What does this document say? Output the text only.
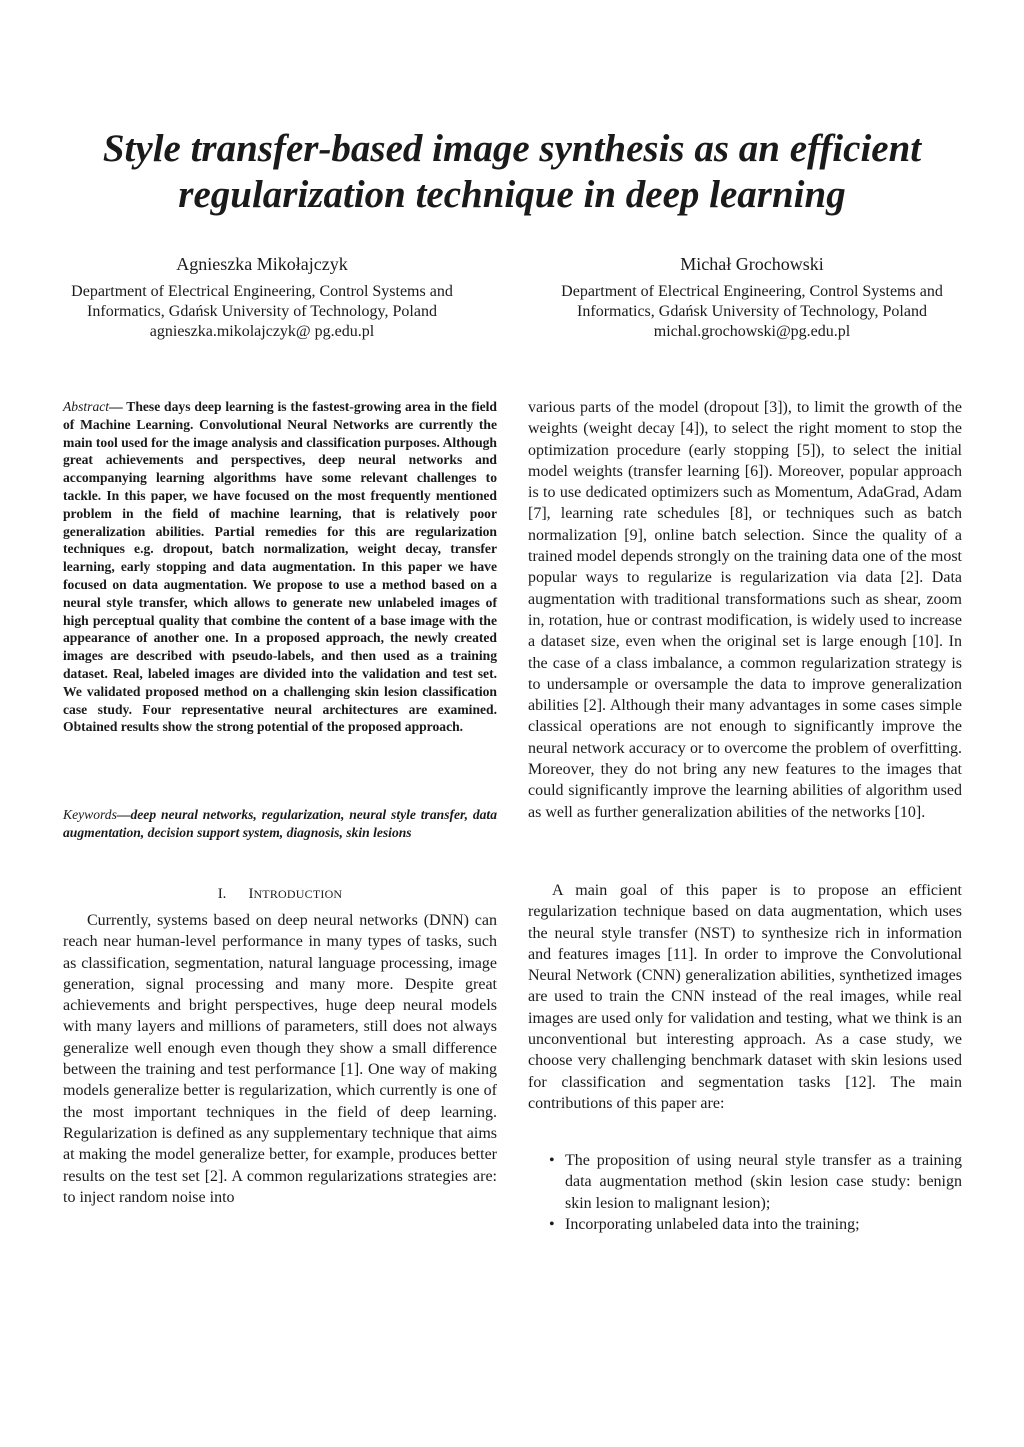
Style transfer-based image synthesis as an efficient
regularization technique in deep learning
Agnieszka Mikołajczyk
Department of Electrical Engineering, Control Systems and
Informatics, Gdańsk University of Technology, Poland
agnieszka.mikolajczyk@ pg.edu.pl
Michał Grochowski
Department of Electrical Engineering, Control Systems and
Informatics, Gdańsk University of Technology, Poland
michal.grochowski@pg.edu.pl

Abstract— These days deep learning is the fastest-growing area in the field of Machine Learning. Convolutional Neural Networks are currently the main tool used for the image analysis and classification purposes. Although great achievements and perspectives, deep neural networks and accompanying learning algorithms have some relevant challenges to tackle. In this paper, we have focused on the most frequently mentioned problem in the field of machine learning, that is relatively poor generalization abilities. Partial remedies for this are regularization techniques e.g. dropout, batch normalization, weight decay, transfer learning, early stopping and data augmentation. In this paper we have focused on data augmentation. We propose to use a method based on a neural style transfer, which allows to generate new unlabeled images of high perceptual quality that combine the content of a base image with the appearance of another one. In a proposed approach, the newly created images are described with pseudo-labels, and then used as a training dataset. Real, labeled images are divided into the validation and test set. We validated proposed method on a challenging skin lesion classification case study. Four representative neural architectures are examined. Obtained results show the strong potential of the proposed approach.

Keywords—deep neural networks, regularization, neural style transfer, data augmentation, decision support system, diagnosis, skin lesions

I. INTRODUCTION

Currently, systems based on deep neural networks (DNN) can reach near human-level performance in many types of tasks, such as classification, segmentation, natural language processing, image generation, signal processing and many more. Despite great achievements and bright perspectives, huge deep neural models with many layers and millions of parameters, still does not always generalize well enough even though they show a small difference between the training and test performance [1]. One way of making models generalize better is regularization, which currently is one of the most important techniques in the field of deep learning. Regularization is defined as any supplementary technique that aims at making the model generalize better, for example, produces better results on the test set [2]. A common regularizations strategies are: to inject random noise into

various parts of the model (dropout [3]), to limit the growth of the weights (weight decay [4]), to select the right moment to stop the optimization procedure (early stopping [5]), to select the initial model weights (transfer learning [6]). Moreover, popular approach is to use dedicated optimizers such as Momentum, AdaGrad, Adam [7], learning rate schedules [8], or techniques such as batch normalization [9], online batch selection. Since the quality of a trained model depends strongly on the training data one of the most popular ways to regularize is regularization via data [2]. Data augmentation with traditional transformations such as shear, zoom in, rotation, hue or contrast modification, is widely used to increase a dataset size, even when the original set is large enough [10]. In the case of a class imbalance, a common regularization strategy is to undersample or oversample the data to improve generalization abilities [2]. Although their many advantages in some cases simple classical operations are not enough to significantly improve the neural network accuracy or to overcome the problem of overfitting. Moreover, they do not bring any new features to the images that could significantly improve the learning abilities of algorithm used as well as further generalization abilities of the networks [10].

A main goal of this paper is to propose an efficient regularization technique based on data augmentation, which uses the neural style transfer (NST) to synthesize rich in information and features images [11]. In order to improve the Convolutional Neural Network (CNN) generalization abilities, synthetized images are used to train the CNN instead of the real images, while real images are used only for validation and testing, what we think is an unconventional but interesting approach. As a case study, we choose very challenging benchmark dataset with skin lesions used for classification and segmentation tasks [12]. The main contributions of this paper are:

• The proposition of using neural style transfer as a training data augmentation method (skin lesion case study: benign skin lesion to malignant lesion);
• Incorporating unlabeled data into the training;
